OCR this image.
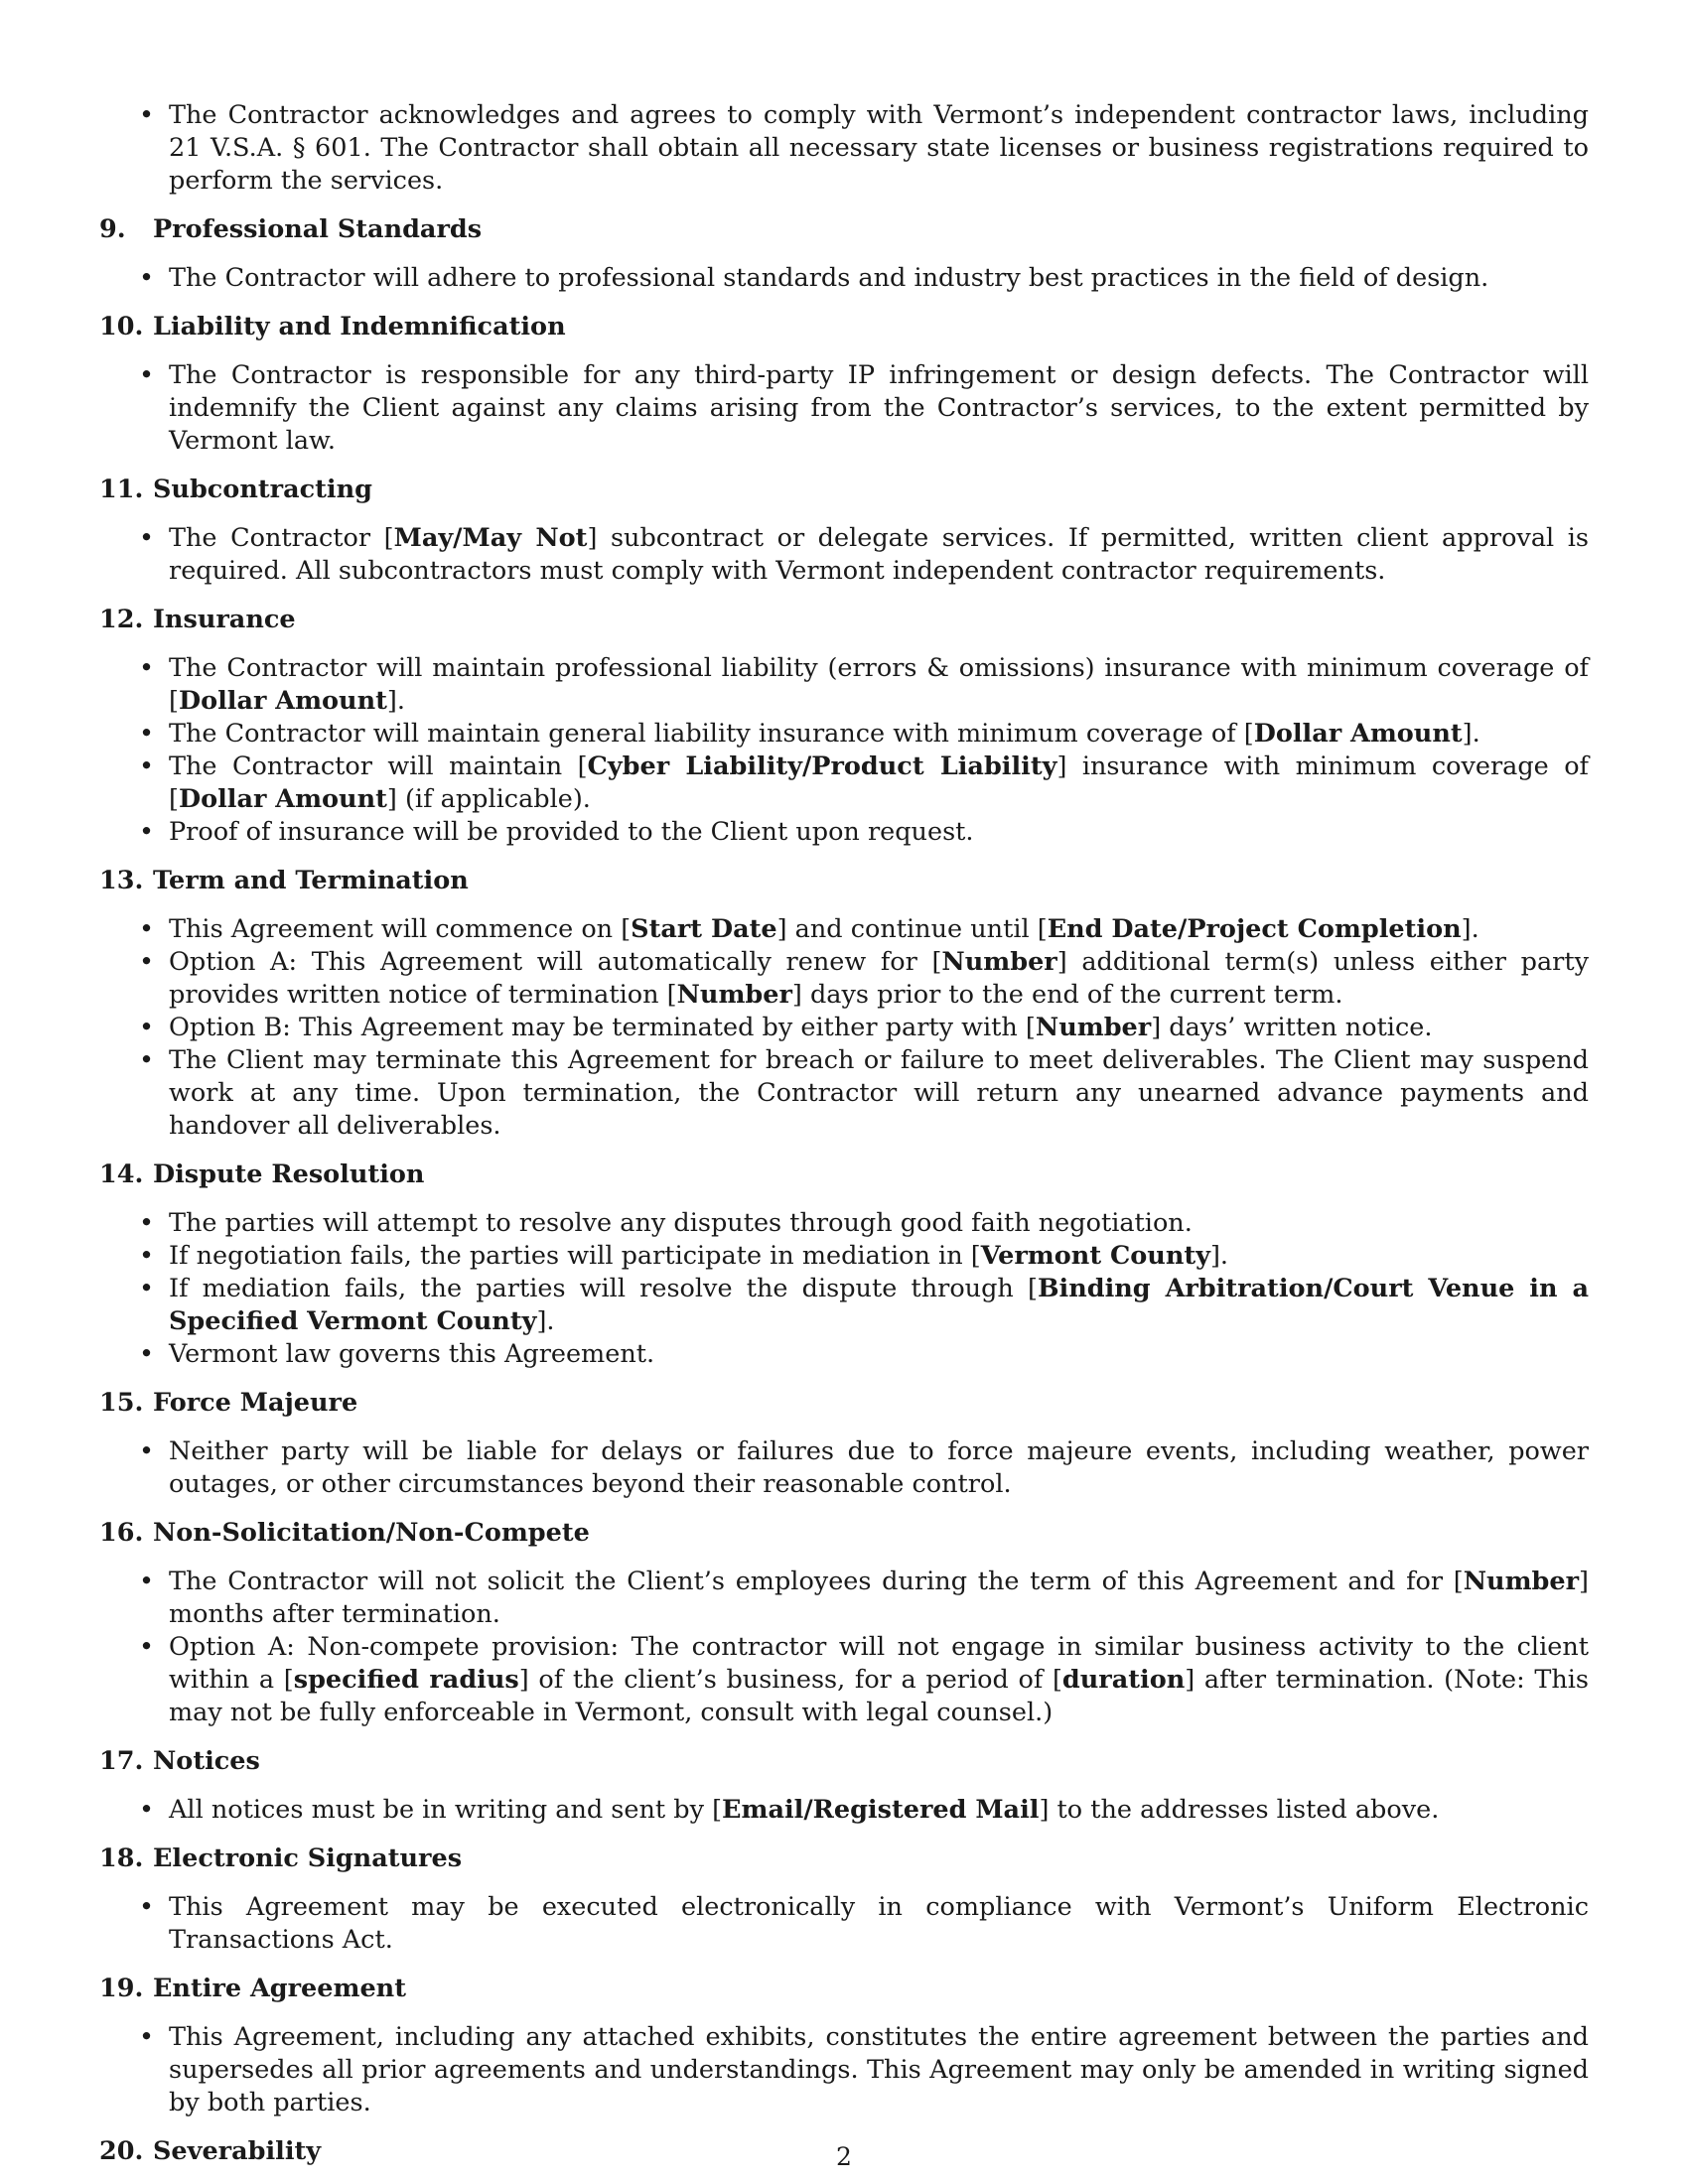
• The Contractor acknowledges and agrees to comply with Vermont’s independent contractor laws, including 21 V.S.A. § 601. The Contractor shall obtain all necessary state licenses or business registrations required to perform the services.
9. Professional Standards
• The Contractor will adhere to professional standards and industry best practices in the field of design.
10. Liability and Indemnification
• The Contractor is responsible for any third-party IP infringement or design defects. The Contractor will indemnify the Client against any claims arising from the Contractor’s services, to the extent permitted by Vermont law.
11. Subcontracting
• The Contractor [May/May Not] subcontract or delegate services. If permitted, written client approval is required. All subcontractors must comply with Vermont independent contractor requirements.
12. Insurance
• The Contractor will maintain professional liability (errors & omissions) insurance with minimum coverage of [Dollar Amount].
• The Contractor will maintain general liability insurance with minimum coverage of [Dollar Amount].
• The Contractor will maintain [Cyber Liability/Product Liability] insurance with minimum coverage of [Dollar Amount] (if applicable).
• Proof of insurance will be provided to the Client upon request.
13. Term and Termination
• This Agreement will commence on [Start Date] and continue until [End Date/Project Completion].
• Option A: This Agreement will automatically renew for [Number] additional term(s) unless either party provides written notice of termination [Number] days prior to the end of the current term.
• Option B: This Agreement may be terminated by either party with [Number] days’ written notice.
• The Client may terminate this Agreement for breach or failure to meet deliverables. The Client may suspend work at any time. Upon termination, the Contractor will return any unearned advance payments and handover all deliverables.
14. Dispute Resolution
• The parties will attempt to resolve any disputes through good faith negotiation.
• If negotiation fails, the parties will participate in mediation in [Vermont County].
• If mediation fails, the parties will resolve the dispute through [Binding Arbitration/Court Venue in a Specified Vermont County].
• Vermont law governs this Agreement.
15. Force Majeure
• Neither party will be liable for delays or failures due to force majeure events, including weather, power outages, or other circumstances beyond their reasonable control.
16. Non-Solicitation/Non-Compete
• The Contractor will not solicit the Client’s employees during the term of this Agreement and for [Number] months after termination.
• Option A: Non-compete provision: The contractor will not engage in similar business activity to the client within a [specified radius] of the client’s business, for a period of [duration] after termination. (Note: This may not be fully enforceable in Vermont, consult with legal counsel.)
17. Notices
• All notices must be in writing and sent by [Email/Registered Mail] to the addresses listed above.
18. Electronic Signatures
• This Agreement may be executed electronically in compliance with Vermont’s Uniform Electronic Transactions Act.
19. Entire Agreement
• This Agreement, including any attached exhibits, constitutes the entire agreement between the parties and supersedes all prior agreements and understandings. This Agreement may only be amended in writing signed by both parties.
20. Severability	2
